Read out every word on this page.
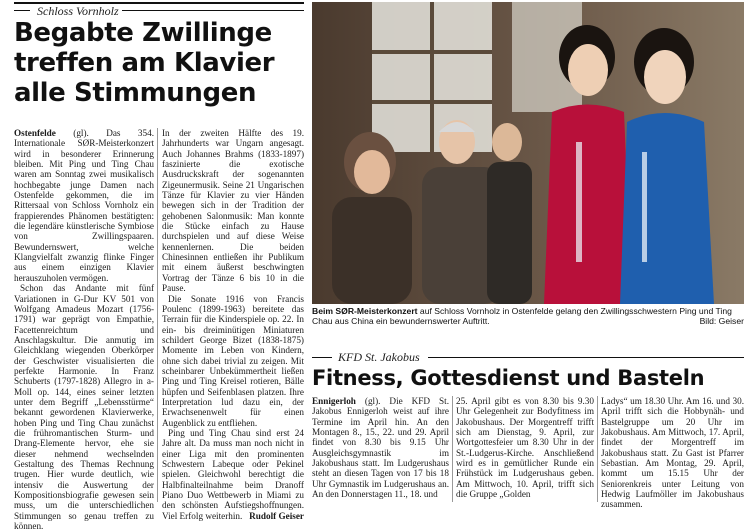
Schloss Vornholz
Begabte Zwillinge treffen am Klavier alle Stimmungen

Ostenfelde (gl). Das 354. Internationale SØR-Meisterkonzert wird in besonderer Erinnerung bleiben. Mit Ping und Ting Chau waren am Sonntag zwei musikalisch hochbegabte junge Damen nach Ostenfelde gekommen, die im Rittersaal von Schloss Vornholz ein frappierendes Phänomen bestätigten: die legendäre künstlerische Symbiose von Zwillingspaaren. Bewundernswert, welche Klangvielfalt zwanzig flinke Finger aus einem einzigen Klavier herauszuholen vermögen.

Schon das Andante mit fünf Variationen in G-Dur KV 501 von Wolfgang Amadeus Mozart (1756-1791) war geprägt von Empathie, Facettenreichtum und Anschlagskultur. Die anmutig im Gleichklang wiegenden Oberkörper der Geschwister visualisierten die perfekte Harmonie. In Franz Schuberts (1797-1828) Allegro in a-Moll op. 144, eines seiner letzten unter dem Begriff „Lebensstürme“ bekannt gewordenen Klavierwerke, hoben Ping und Ting Chau zunächst die frühromantischen Sturm- und Drang-Elemente hervor, ehe sie dieser nehmend wechselnden Gestaltung des Themas Rechnung trugen. Hier wurde deutlich, wie intensiv die Auswertung der Kompositionsbiografie gewesen sein muss, um die unterschiedlichen Stimmungen so genau treffen zu können.

In der zweiten Hälfte des 19. Jahrhunderts war Ungarn angesagt. Auch Johannes Brahms (1833-1897) faszinierte die exotische Ausdruckskraft der sogenannten Zigeunermusik. Seine 21 Ungarischen Tänze für Klavier zu vier Händen bewegen sich in der Tradition der gehobenen Salonmusik: Man konnte die Stücke einfach zu Hause durchspielen und auf diese Weise kennenlernen. Die beiden Chinesinnen entließen ihr Publikum mit einem äußerst beschwingten Vortrag der Tänze 6 bis 10 in die Pause.

Die Sonate 1916 von Francis Poulenc (1899-1963) bereitete das Terrain für die Kinderspiele op. 22. In ein- bis dreiminütigen Miniaturen schildert George Bizet (1838-1875) Momente im Leben von Kindern, ohne sich dabei trivial zu zeigen. Mit scheinbarer Unbekümmertheit ließen Ping und Ting Kreisel rotieren, Bälle hüpfen und Seifenblasen platzen. Ihre Interpretation lud dazu ein, der Erwachsenenwelt für einen Augenblick zu entfliehen.

Ping und Ting Chau sind erst 24 Jahre alt. Da muss man noch nicht in einer Liga mit den prominenten Schwestern Labeque oder Pekinel spielen. Gleichwohl berechtigt die Halbfinalteilnahme beim Dranoff Piano Duo Wettbewerb in Miami zu den schönsten Aufstiegshoffnungen. Viel Erfolg weiterhin. Rudolf Geiser

Beim SØR-Meisterkonzert auf Schloss Vornholz in Ostenfelde gelang den Zwillingsschwestern Ping und Ting Chau aus China ein bewundernswerter Auftritt.	Bild: Geiser
KFD St. Jakobus
Fitness, Gottesdienst und Basteln

Ennigerloh (gl). Die KFD St. Jakobus Ennigerloh weist auf ihre Termine im April hin. An den Montagen 8., 15., 22. und 29. April findet von 8.30 bis 9.15 Uhr Ausgleichsgymnastik im Jakobushaus statt. Im Ludgerushaus steht an diesen Tagen von 17 bis 18 Uhr Gymnastik im Ludgerushaus an. An den Donnerstagen 11., 18. und

25. April gibt es von 8.30 bis 9.30 Uhr Gelegenheit zur Bodyfitness im Jakobushaus. Der Morgentreff trifft sich am Dienstag, 9. April, zur Wortgottesfeier um 8.30 Uhr in der St.-Ludgerus-Kirche. Anschließend wird es in gemütlicher Runde ein Frühstück im Ludgerushaus geben. Am Mittwoch, 10. April, trifft sich die Gruppe „Golden

Ladys“ um 18.30 Uhr. Am 16. und 30. April trifft sich die Hobbynäh- und Bastelgruppe um 20 Uhr im Jakobushaus. Am Mittwoch, 17. April, findet der Morgentreff im Jakobushaus statt. Zu Gast ist Pfarrer Sebastian. Am Montag, 29. April, kommt um 15.15 Uhr der Seniorenkreis unter Leitung von Hedwig Laufmöller im Jakobushaus zusammen.
